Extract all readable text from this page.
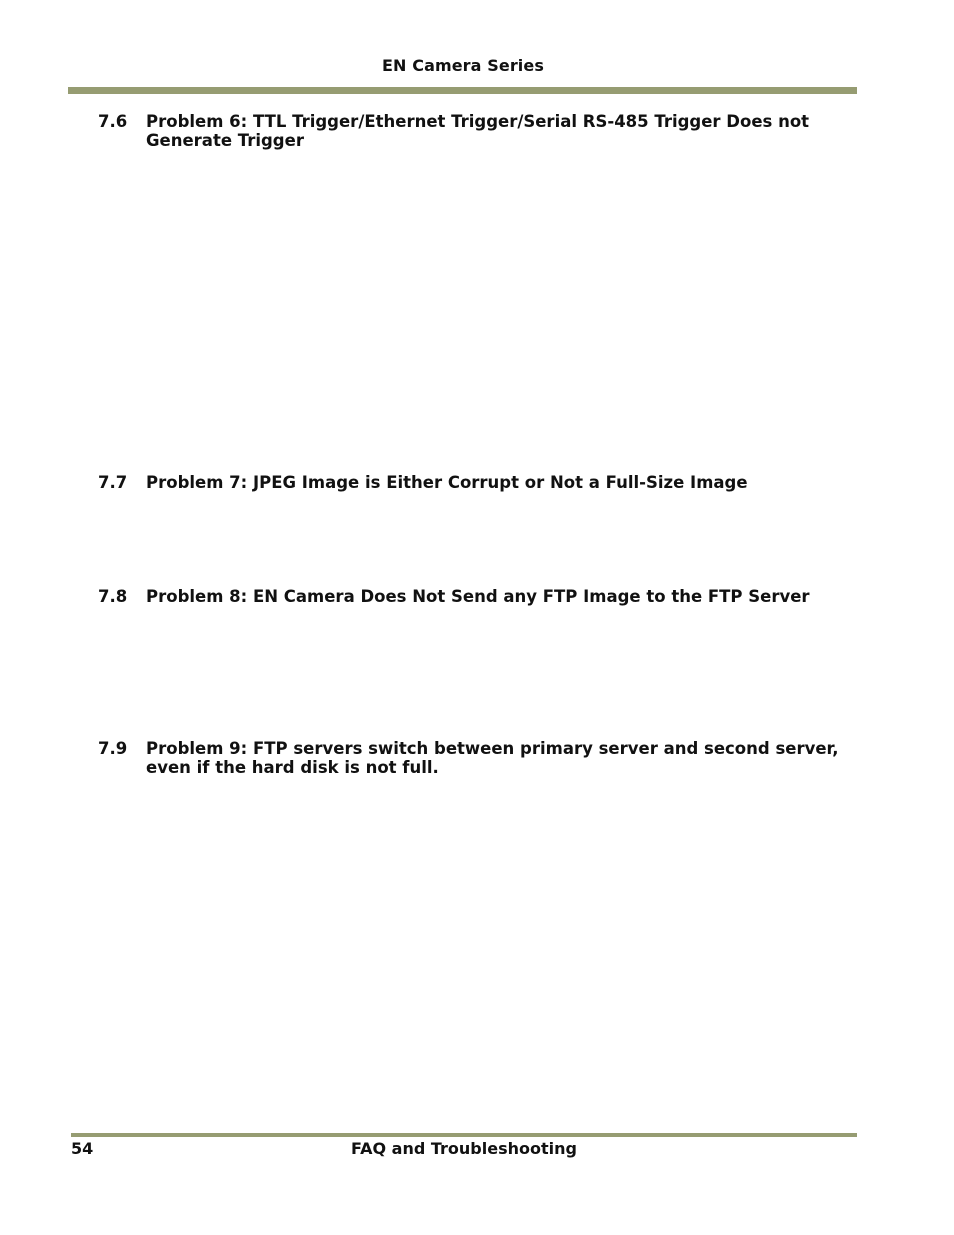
EN Camera Series
7.6 Problem 6: TTL Trigger/Ethernet Trigger/Serial RS-485 Trigger Does not Generate Trigger
7.7 Problem 7: JPEG Image is Either Corrupt or Not a Full-Size Image
7.8 Problem 8: EN Camera Does Not Send any FTP Image to the FTP Server
7.9 Problem 9: FTP servers switch between primary server and second server, even if the hard disk is not full.
54	FAQ and Troubleshooting
